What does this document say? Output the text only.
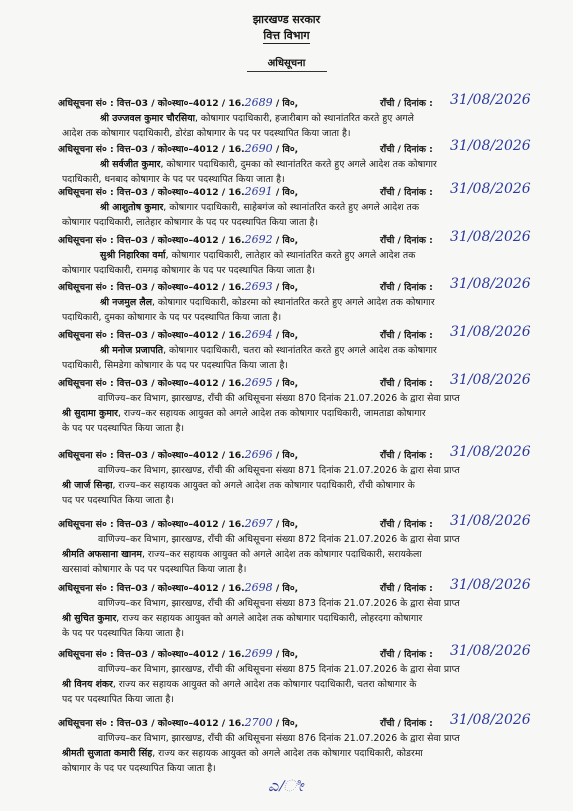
झारखण्ड सरकार
वित्त विभाग
अधिसूचना
अधिसूचना सं० : वित्त–03 / को०स्था०–4012 / 16.2689 / वि०,	राँची / दिनांक : 31/08/2026
श्री उज्जवल कुमार चौरसिया, कोषागार पदाधिकारी, हजारीबाग को स्थानांतरित करते हुए अगले
आदेश तक कोषागार पदाधिकारी, डोरंडा कोषागार के पद पर पदस्थापित किया जाता है।
अधिसूचना सं० : वित्त–03 / को०स्था०–4012 / 16.2690 / वि०,	राँची / दिनांक : 31/08/2026
श्री सर्वजीत कुमार, कोषागार पदाधिकारी, दुमका को स्थानांतरित करते हुए अगले आदेश तक कोषागार
पदाधिकारी, धनबाद कोषागार के पद पर पदस्थापित किया जाता है।
अधिसूचना सं० : वित्त–03 / को०स्था०–4012 / 16.2691 / वि०,	राँची / दिनांक : 31/08/2026
श्री आशुतोष कुमार, कोषागार पदाधिकारी, साहेबगंज को स्थानांतरित करते हुए अगले आदेश तक
कोषागार पदाधिकारी, लातेहार कोषागार के पद पर पदस्थापित किया जाता है।
अधिसूचना सं० : वित्त–03 / को०स्था०–4012 / 16.2692 / वि०,	राँची / दिनांक : 31/08/2026
सुश्री निहारिका वर्मा, कोषागार पदाधिकारी, लातेहार को स्थानांतरित करते हुए अगले आदेश तक
कोषागार पदाधिकारी, रामगढ़ कोषागार के पद पर पदस्थापित किया जाता है।
अधिसूचना सं० : वित्त–03 / को०स्था०–4012 / 16.2693 / वि०,	राँची / दिनांक : 31/08/2026
श्री नजमुल लैल, कोषागार पदाधिकारी, कोडरमा को स्थानांतरित करते हुए अगले आदेश तक कोषागार
पदाधिकारी, दुमका कोषागार के पद पर पदस्थापित किया जाता है।
अधिसूचना सं० : वित्त–03 / को०स्था०–4012 / 16.2694 / वि०,	राँची / दिनांक : 31/08/2026
श्री मनोज प्रजापति, कोषागार पदाधिकारी, चतरा को स्थानांतरित करते हुए अगले आदेश तक कोषागार
पदाधिकारी, सिमडेगा कोषागार के पद पर पदस्थापित किया जाता है।
अधिसूचना सं० : वित्त–03 / को०स्था०–4012 / 16.2695 / वि०,	राँची / दिनांक : 31/08/2026
वाणिज्य–कर विभाग, झारखण्ड, राँची की अधिसूचना संख्या 870 दिनांक 21.07.2026 के द्वारा सेवा प्राप्त
श्री सुदामा कुमार, राज्य–कर सहायक आयुक्त को अगले आदेश तक कोषागार पदाधिकारी, जामताडा कोषागार
के पद पर पदस्थापित किया जाता है।
अधिसूचना सं० : वित्त–03 / को०स्था०–4012 / 16.2696 / वि०,	राँची / दिनांक : 31/08/2026
वाणिज्य–कर विभाग, झारखण्ड, राँची की अधिसूचना संख्या 871 दिनांक 21.07.2026 के द्वारा सेवा प्राप्त
श्री जार्ज सिन्हा, राज्य–कर सहायक आयुक्त को अगले आदेश तक कोषागार पदाधिकारी, राँची कोषागार के
पद पर पदस्थापित किया जाता है।
अधिसूचना सं० : वित्त–03 / को०स्था०–4012 / 16.2697 / वि०,	राँची / दिनांक : 31/08/2026
वाणिज्य–कर विभाग, झारखण्ड, राँची की अधिसूचना संख्या 872 दिनांक 21.07.2026 के द्वारा सेवा प्राप्त
श्रीमति अफसाना खानम, राज्य–कर सहायक आयुक्त को अगले आदेश तक कोषागार पदाधिकारी, सरायकेला
खरसावां कोषागार के पद पर पदस्थापित किया जाता है।
अधिसूचना सं० : वित्त–03 / को०स्था०–4012 / 16.2698 / वि०,	राँची / दिनांक : 31/08/2026
वाणिज्य–कर विभाग, झारखण्ड, राँची की अधिसूचना संख्या 873 दिनांक 21.07.2026 के द्वारा सेवा प्राप्त
श्री सुचित कुमार, राज्य कर सहायक आयुक्त को अगले आदेश तक कोषागार पदाधिकारी, लोहरदगा कोषागार
के पद पर पदस्थापित किया जाता है।
अधिसूचना सं० : वित्त–03 / को०स्था०–4012 / 16.2699 / वि०,	राँची / दिनांक : 31/08/2026
वाणिज्य–कर विभाग, झारखण्ड, राँची की अधिसूचना संख्या 875 दिनांक 21.07.2026 के द्वारा सेवा प्राप्त
श्री विनय शंकर, राज्य कर सहायक आयुक्त को अगले आदेश तक कोषागार पदाधिकारी, चतरा कोषागार के
पद पर पदस्थापित किया जाता है।
अधिसूचना सं० : वित्त–03 / को०स्था०–4012 / 16.2700 / वि०,	राँची / दिनांक : 31/08/2026
वाणिज्य–कर विभाग, झारखण्ड, राँची की अधिसूचना संख्या 876 दिनांक 21.07.2026 के द्वारा सेवा प्राप्त
श्रीमती सुजाता कमारी सिंह, राज्य कर सहायक आयुक्त को अगले आदेश तक कोषागार पदाधिकारी, कोडरमा
कोषागार के पद पर पदस्थापित किया जाता है।
ಎ/ೀ
